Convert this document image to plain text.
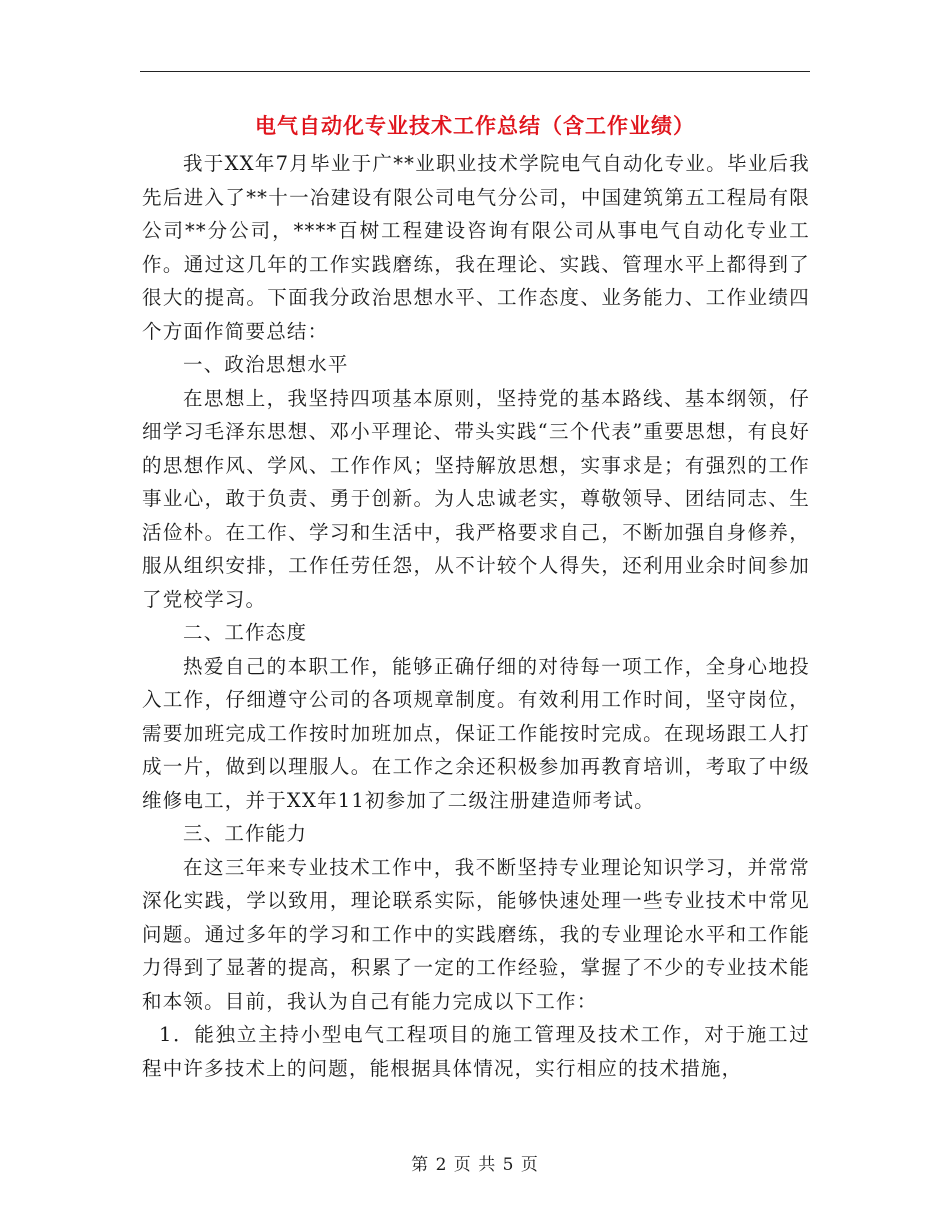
电气自动化专业技术工作总结（含工作业绩）

我于XX年7月毕业于广**业职业技术学院电气自动化专业。毕业后我先后进入了**十一冶建设有限公司电气分公司，中国建筑第五工程局有限公司**分公司，****百树工程建设咨询有限公司从事电气自动化专业工作。通过这几年的工作实践磨练，我在理论、实践、管理水平上都得到了很大的提高。下面我分政治思想水平、工作态度、业务能力、工作业绩四个方面作简要总结：

一、政治思想水平

在思想上，我坚持四项基本原则，坚持党的基本路线、基本纲领，仔细学习毛泽东思想、邓小平理论、带头实践“三个代表”重要思想，有良好的思想作风、学风、工作作风；坚持解放思想，实事求是；有强烈的工作事业心，敢于负责、勇于创新。为人忠诚老实，尊敬领导、团结同志、生活俭朴。在工作、学习和生活中，我严格要求自己，不断加强自身修养，服从组织安排，工作任劳任怨，从不计较个人得失，还利用业余时间参加了党校学习。

二、工作态度

热爱自己的本职工作，能够正确仔细的对待每一项工作，全身心地投入工作，仔细遵守公司的各项规章制度。有效利用工作时间，坚守岗位，需要加班完成工作按时加班加点，保证工作能按时完成。在现场跟工人打成一片，做到以理服人。在工作之余还积极参加再教育培训，考取了中级维修电工，并于XX年11初参加了二级注册建造师考试。

三、工作能力

在这三年来专业技术工作中，我不断坚持专业理论知识学习，并常常深化实践，学以致用，理论联系实际，能够快速处理一些专业技术中常见问题。通过多年的学习和工作中的实践磨练，我的专业理论水平和工作能力得到了显著的提高，积累了一定的工作经验，掌握了不少的专业技术能和本领。目前，我认为自己有能力完成以下工作：

1．能独立主持小型电气工程项目的施工管理及技术工作，对于施工过程中许多技术上的问题，能根据具体情况，实行相应的技术措施，

第 2 页 共 5 页
